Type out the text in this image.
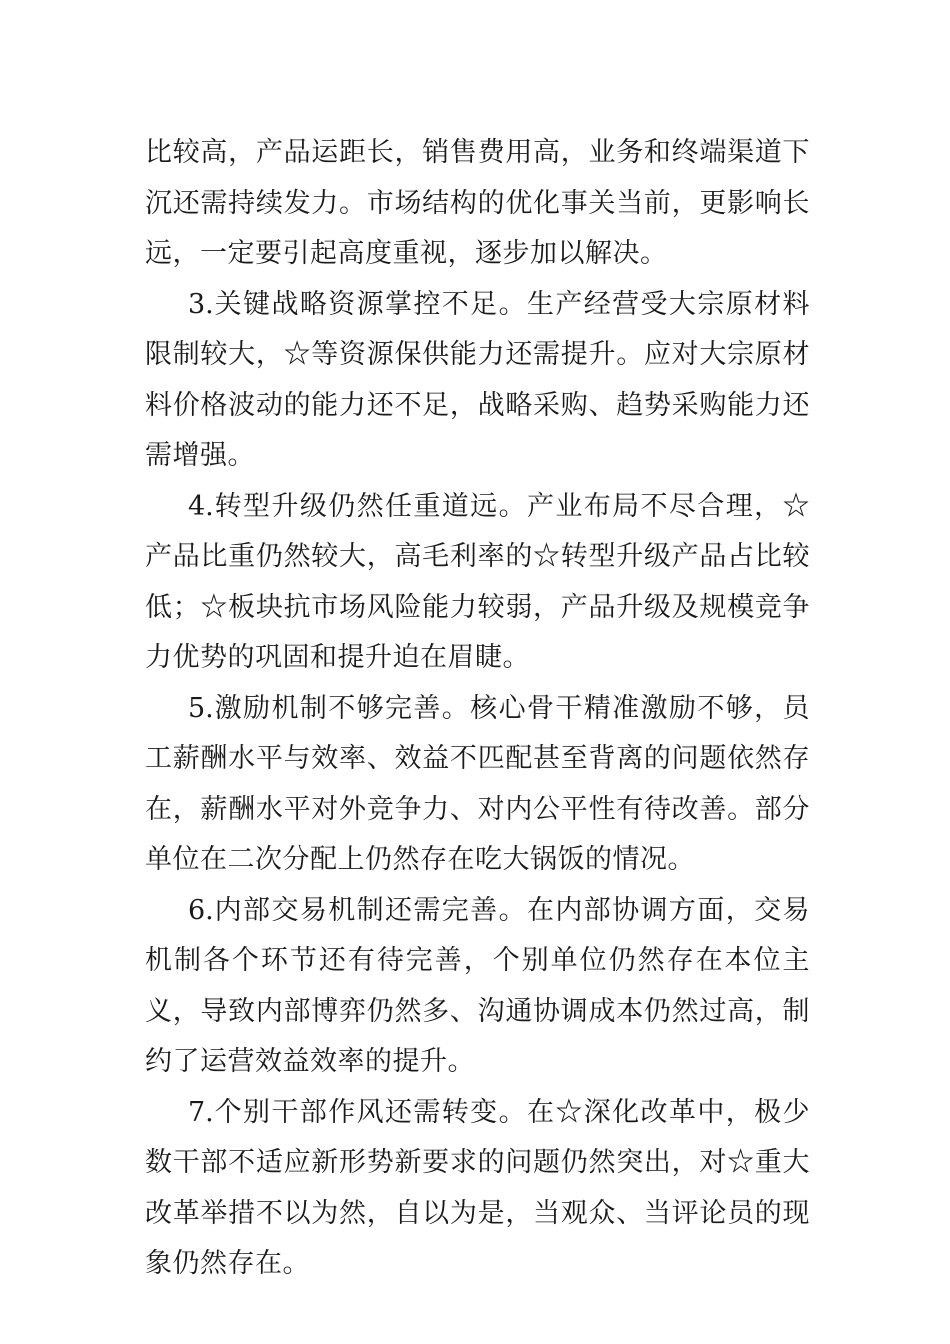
比较高，产品运距长，销售费用高，业务和终端渠道下沉还需持续发力。市场结构的优化事关当前，更影响长远，一定要引起高度重视，逐步加以解决。

3.关键战略资源掌控不足。生产经营受大宗原材料限制较大，☆等资源保供能力还需提升。应对大宗原材料价格波动的能力还不足，战略采购、趋势采购能力还需增强。

4.转型升级仍然任重道远。产业布局不尽合理，☆产品比重仍然较大，高毛利率的☆转型升级产品占比较低；☆板块抗市场风险能力较弱，产品升级及规模竞争力优势的巩固和提升迫在眉睫。

5.激励机制不够完善。核心骨干精准激励不够，员工薪酬水平与效率、效益不匹配甚至背离的问题依然存在，薪酬水平对外竞争力、对内公平性有待改善。部分单位在二次分配上仍然存在吃大锅饭的情况。

6.内部交易机制还需完善。在内部协调方面，交易机制各个环节还有待完善，个别单位仍然存在本位主义，导致内部博弈仍然多、沟通协调成本仍然过高，制约了运营效益效率的提升。

7.个别干部作风还需转变。在☆深化改革中，极少数干部不适应新形势新要求的问题仍然突出，对☆重大改革举措不以为然，自以为是，当观众、当评论员的现象仍然存在。
